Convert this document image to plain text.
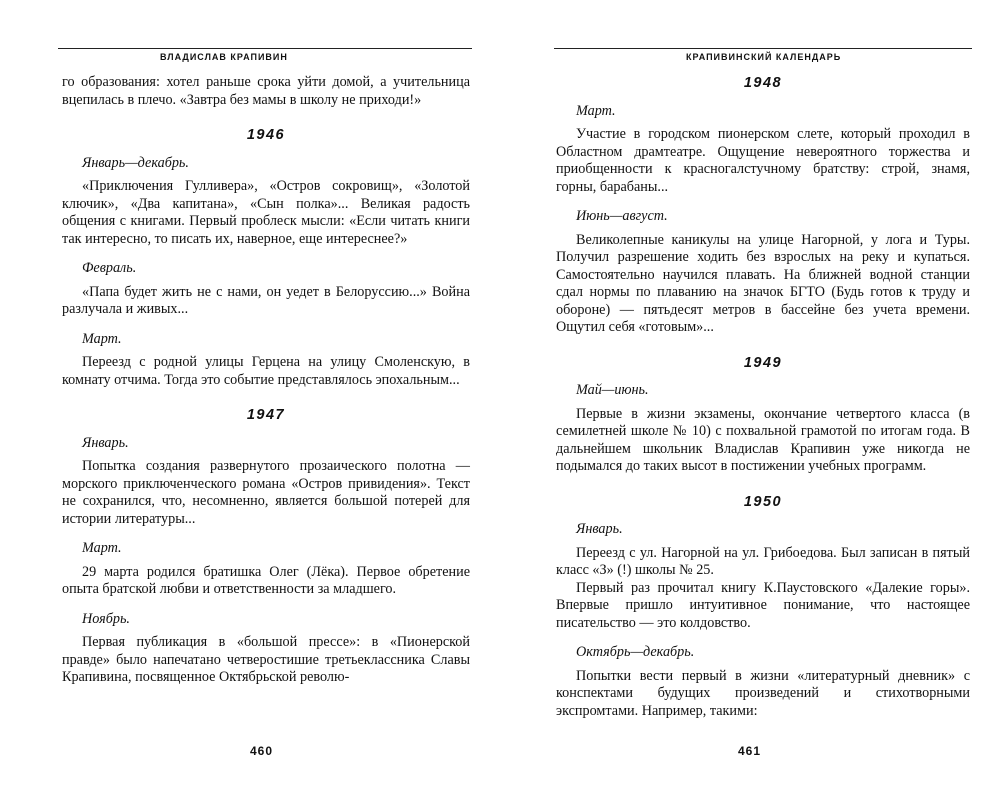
ВЛАДИСЛАВ КРАПИВИН

го образования: хотел раньше срока уйти домой, а учительница вцепилась в плечо. «Завтра без мамы в школу не приходи!»

1946
Январь—декабрь.

«Приключения Гулливера», «Остров сокровищ», «Золотой ключик», «Два капитана», «Сын полка»... Великая радость общения с книгами. Первый проблеск мысли: «Если читать книги так интересно, то писать их, наверное, еще интереснее?»

Февраль.

«Папа будет жить не с нами, он уедет в Белоруссию...» Война разлучала и живых...

Март.

Переезд с родной улицы Герцена на улицу Смоленскую, в комнату отчима. Тогда это событие представлялось эпохальным...

1947
Январь.

Попытка создания развернутого прозаического полотна — морского приключенческого романа «Остров привидения». Текст не сохранился, что, несомненно, является большой потерей для истории литературы...

Март.

29 марта родился братишка Олег (Лёка). Первое обретение опыта братской любви и ответственности за младшего.

Ноябрь.

Первая публикация в «большой прессе»: в «Пионерской правде» было напечатано четверостишие третьеклассника Славы Крапивина, посвященное Октябрьской револю-

460
КРАПИВИНСКИЙ КАЛЕНДАРЬ
1948
Март.

Участие в городском пионерском слете, который проходил в Областном драмтеатре. Ощущение невероятного торжества и приобщенности к красногалстучному братству: строй, знамя, горны, барабаны...

Июнь—август.

Великолепные каникулы на улице Нагорной, у лога и Туры. Получил разрешение ходить без взрослых на реку и купаться. Самостоятельно научился плавать. На ближней водной станции сдал нормы по плаванию на значок БГТО (Будь готов к труду и обороне) — пятьдесят метров в бассейне без учета времени. Ощутил себя «готовым»...

1949
Май—июнь.

Первые в жизни экзамены, окончание четвертого класса (в семилетней школе № 10) с похвальной грамотой по итогам года. В дальнейшем школьник Владислав Крапивин уже никогда не подымался до таких высот в постижении учебных программ.

1950
Январь.

Переезд с ул. Нагорной на ул. Грибоедова. Был записан в пятый класс «З» (!) школы № 25.

Первый раз прочитал книгу К.Паустовского «Далекие горы». Впервые пришло интуитивное понимание, что настоящее писательство — это колдовство.

Октябрь—декабрь.

Попытки вести первый в жизни «литературный дневник» с конспектами будущих произведений и стихотворными экспромтами. Например, такими:

461
